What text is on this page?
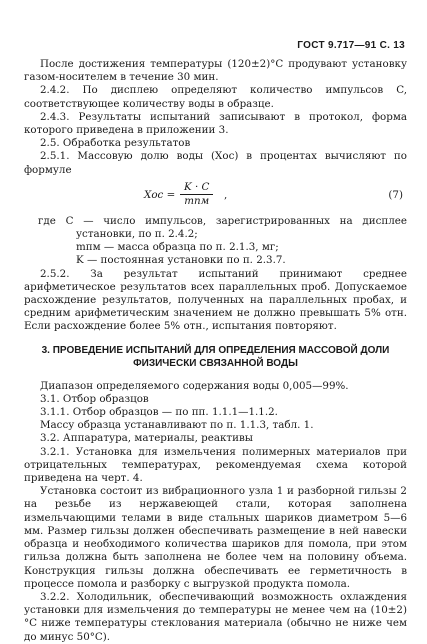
ГОСТ 9.717—91 С. 13

После достижения температуры (120±2)°С продувают установку газом-носителем в течение 30 мин.

2.4.2. По дисплею определяют количество импульсов C, соответствующее количеству воды в образце.

2.4.3. Результаты испытаний записывают в протокол, форма которого приведена в приложении 3.

2.5. Обработка результатов

2.5.1. Массовую долю воды (Xос) в процентах вычисляют по формуле

Xос =
K · C
mпм
,	(7)

где C — число импульсов, зарегистрированных на дисплее установки, по п. 2.4.2;

mпм — масса образца по п. 2.1.3, мг;

K — постоянная установки по п. 2.3.7.

2.5.2. За результат испытаний принимают среднее арифметическое результатов всех параллельных проб. Допускаемое расхождение результатов, полученных на параллельных пробах, и средним арифметическим значением не должно превышать 5% отн. Если расхождение более 5% отн., испытания повторяют.

3. ПРОВЕДЕНИЕ ИСПЫТАНИЙ ДЛЯ ОПРЕДЕЛЕНИЯ МАССОВОЙ ДОЛИ ФИЗИЧЕСКИ СВЯЗАННОЙ ВОДЫ

Диапазон определяемого содержания воды 0,005—99%.

3.1. Отбор образцов

3.1.1. Отбор образцов — по пп. 1.1.1—1.1.2.

Массу образца устанавливают по п. 1.1.3, табл. 1.

3.2. Аппаратура, материалы, реактивы

3.2.1. Установка для измельчения полимерных материалов при отрицательных температурах, рекомендуемая схема которой приведена на черт. 4.

Установка состоит из вибрационного узла 1 и разборной гильзы 2 на резьбе из нержавеющей стали, которая заполнена измельчающими телами в виде стальных шариков диаметром 5—6 мм. Размер гильзы должен обеспечивать размещение в ней навески образца и необходимого количества шариков для помола, при этом гильза должна быть заполнена не более чем на половину объема. Конструкция гильзы должна обеспечивать ее герметичность в процессе помола и разборку с выгрузкой продукта помола.

3.2.2. Холодильник, обеспечивающий возможность охлаждения установки для измельчения до температуры не менее чем на (10±2)°С ниже температуры стеклования материала (обычно не ниже чем до минус 50°С).
